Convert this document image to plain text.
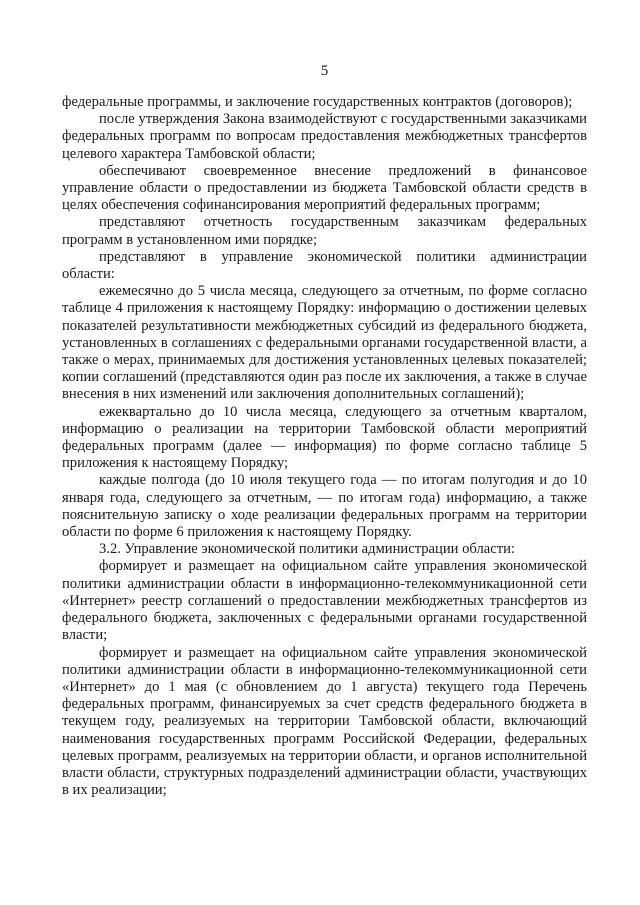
5

федеральные программы, и заключение государственных контрактов (договоров);

после утверждения Закона взаимодействуют с государственными заказчиками федеральных программ по вопросам предоставления межбюджетных трансфертов целевого характера Тамбовской области;

обеспечивают своевременное внесение предложений в финансовое управление области о предоставлении из бюджета Тамбовской области средств в целях обеспечения софинансирования мероприятий федеральных программ;

представляют отчетность государственным заказчикам федеральных программ в установленном ими порядке;

представляют в управление экономической политики администрации области:

ежемесячно до 5 числа месяца, следующего за отчетным, по форме согласно таблице 4 приложения к настоящему Порядку: информацию о достижении целевых показателей результативности межбюджетных субсидий из федерального бюджета, установленных в соглашениях с федеральными органами государственной власти, а также о мерах, принимаемых для достижения установленных целевых показателей; копии соглашений (представляются один раз после их заключения, а также в случае внесения в них изменений или заключения дополнительных соглашений);

ежеквартально до 10 числа месяца, следующего за отчетным кварталом, информацию о реализации на территории Тамбовской области мероприятий федеральных программ (далее — информация) по форме согласно таблице 5 приложения к настоящему Порядку;

каждые полгода (до 10 июля текущего года — по итогам полугодия и до 10 января года, следующего за отчетным, — по итогам года) информацию, а также пояснительную записку о ходе реализации федеральных программ на территории области по форме 6 приложения к настоящему Порядку.

3.2. Управление экономической политики администрации области:

формирует и размещает на официальном сайте управления экономической политики администрации области в информационно-телекоммуникационной сети «Интернет» реестр соглашений о предоставлении межбюджетных трансфертов из федерального бюджета, заключенных с федеральными органами государственной власти;

формирует и размещает на официальном сайте управления экономической политики администрации области в информационно-телекоммуникационной сети «Интернет» до 1 мая (с обновлением до 1 августа) текущего года Перечень федеральных программ, финансируемых за счет средств федерального бюджета в текущем году, реализуемых на территории Тамбовской области, включающий наименования государственных программ Российской Федерации, федеральных целевых программ, реализуемых на территории области, и органов исполнительной власти области, структурных подразделений администрации области, участвующих в их реализации;
